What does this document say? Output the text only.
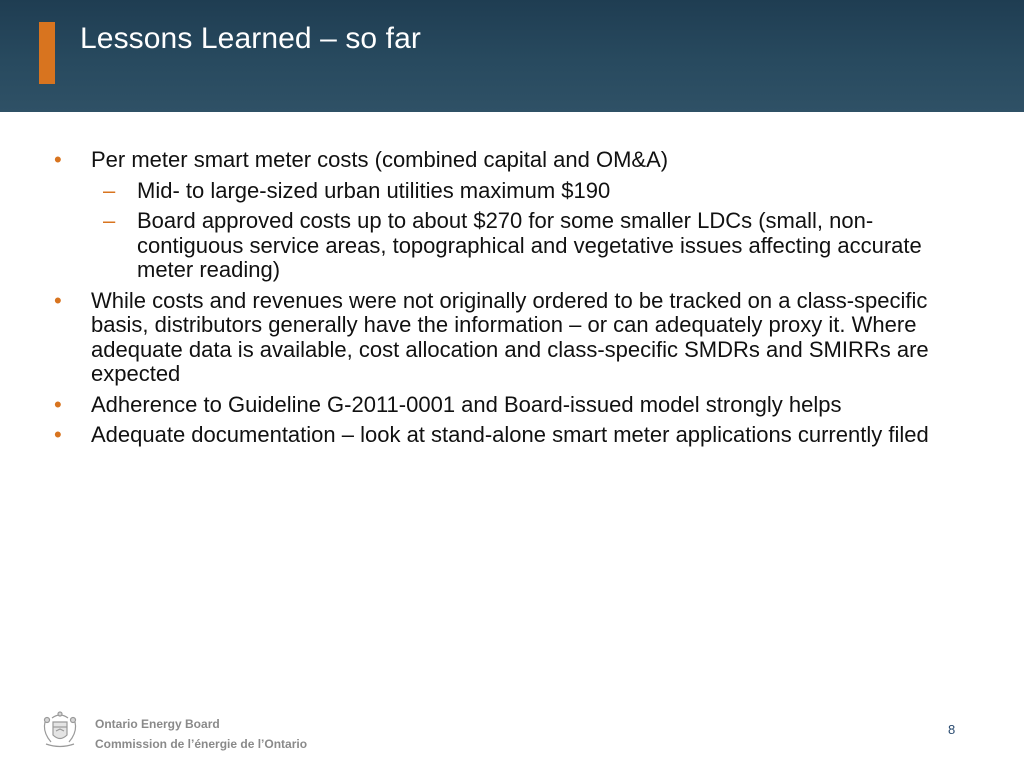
Lessons Learned – so far
• Per meter smart meter costs (combined capital and OM&A)
– Mid- to large-sized urban utilities maximum $190
– Board approved costs up to about $270 for some smaller LDCs (small, non-contiguous service areas, topographical and vegetative issues affecting accurate meter reading)
• While costs and revenues were not originally ordered to be tracked on a class-specific basis, distributors generally have the information – or can adequately proxy it. Where adequate data is available, cost allocation and class-specific SMDRs and SMIRRs are expected
• Adherence to Guideline G-2011-0001 and Board-issued model strongly helps
• Adequate documentation – look at stand-alone smart meter applications currently filed
Ontario Energy Board
Commission de l’énergie de l’Ontario
8
